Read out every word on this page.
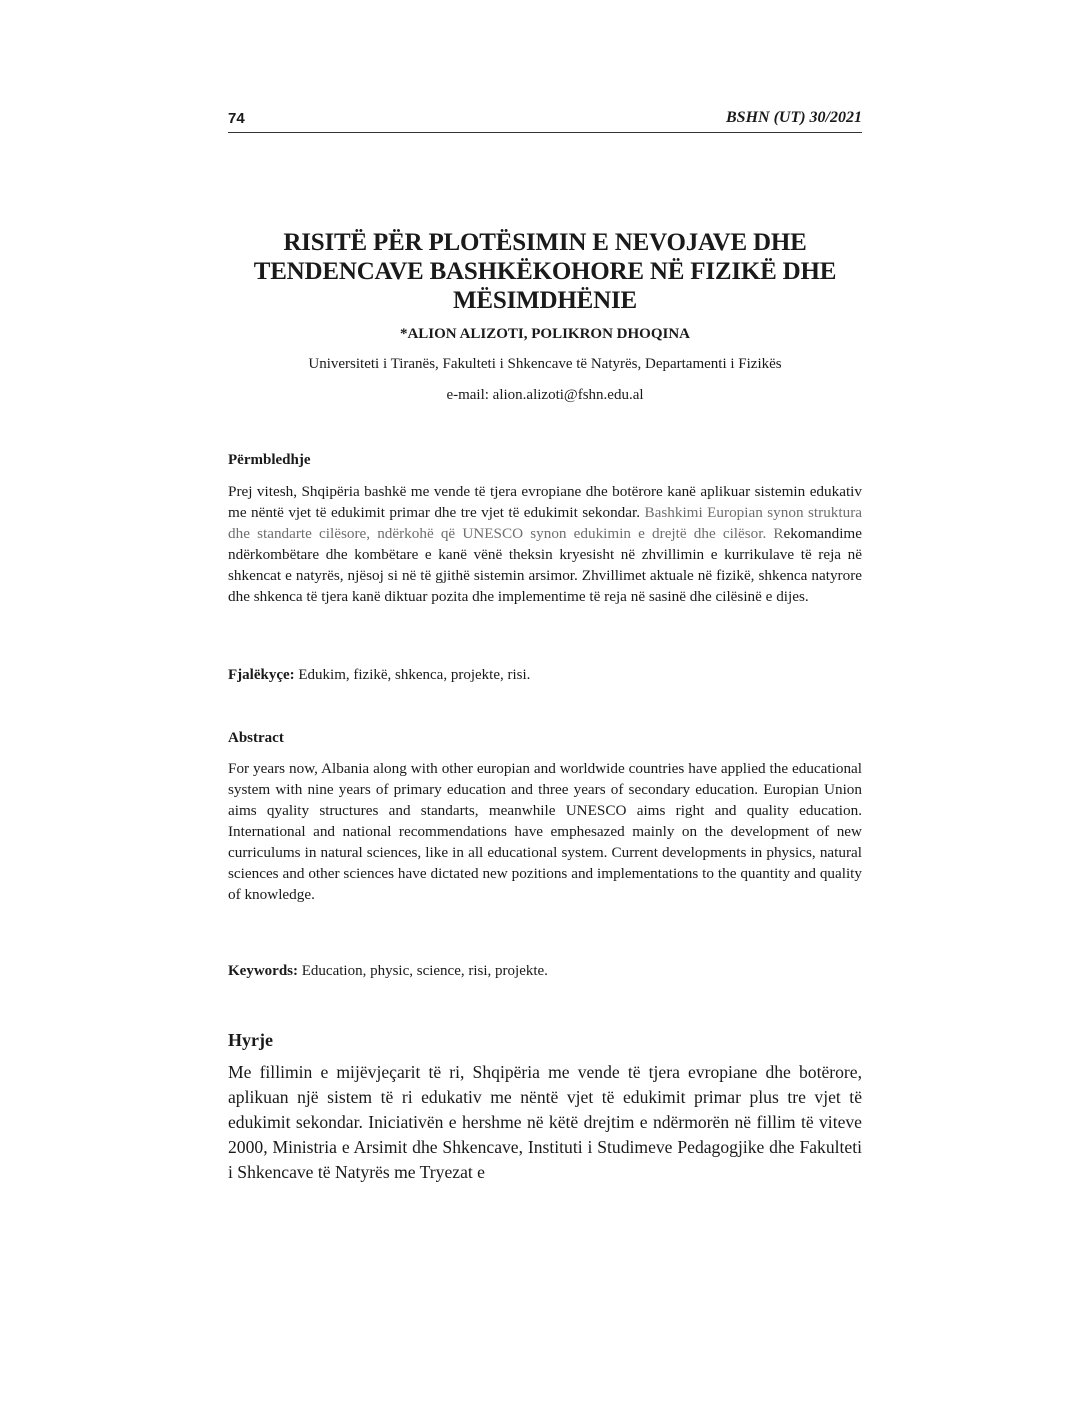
74	BSHN (UT) 30/2021
RISITË PËR PLOTËSIMIN E NEVOJAVE DHE TENDENCAVE BASHKËKOHORE NË FIZIKË DHE MËSIMDHËNIE

*ALION ALIZOTI, POLIKRON DHOQINA

Universiteti i Tiranës, Fakulteti i Shkencave të Natyrës, Departamenti i Fizikës

e-mail: alion.alizoti@fshn.edu.al

Përmbledhje

Prej vitesh, Shqipëria bashkë me vende të tjera evropiane dhe botërore kanë aplikuar sistemin edukativ me nëntë vjet të edukimit primar dhe tre vjet të edukimit sekondar. Bashkimi Europian synon struktura dhe standarte cilësore, ndërkohë që UNESCO synon edukimin e drejtë dhe cilësor. Rekomandime ndërkombëtare dhe kombëtare e kanë vënë theksin kryesisht në zhvillimin e kurrikulave të reja në shkencat e natyrës, njësoj si në të gjithë sistemin arsimor. Zhvillimet aktuale në fizikë, shkenca natyrore dhe shkenca të tjera kanë diktuar pozita dhe implementime të reja në sasinë dhe cilësinë e dijes.

Fjalëkyçe: Edukim, fizikë, shkenca, projekte, risi.

Abstract

For years now, Albania along with other europian and worldwide countries have applied the educational system with nine years of primary education and three years of secondary education. Europian Union aims qyality structures and standarts, meanwhile UNESCO aims right and quality education. International and national recommendations have emphesazed mainly on the development of new curriculums in natural sciences, like in all educational system. Current developments in physics, natural sciences and other sciences have dictated new pozitions and implementations to the quantity and quality of knowledge.

Keywords: Education, physic, science, risi, projekte.

Hyrje

Me fillimin e mijëvjeçarit të ri, Shqipëria me vende të tjera evropiane dhe botërore, aplikuan një sistem të ri edukativ me nëntë vjet të edukimit primar plus tre vjet të edukimit sekondar. Iniciativën e hershme në këtë drejtim e ndërmorën në fillim të viteve 2000, Ministria e Arsimit dhe Shkencave, Instituti i Studimeve Pedagogjike dhe Fakulteti i Shkencave të Natyrës me Tryezat e
